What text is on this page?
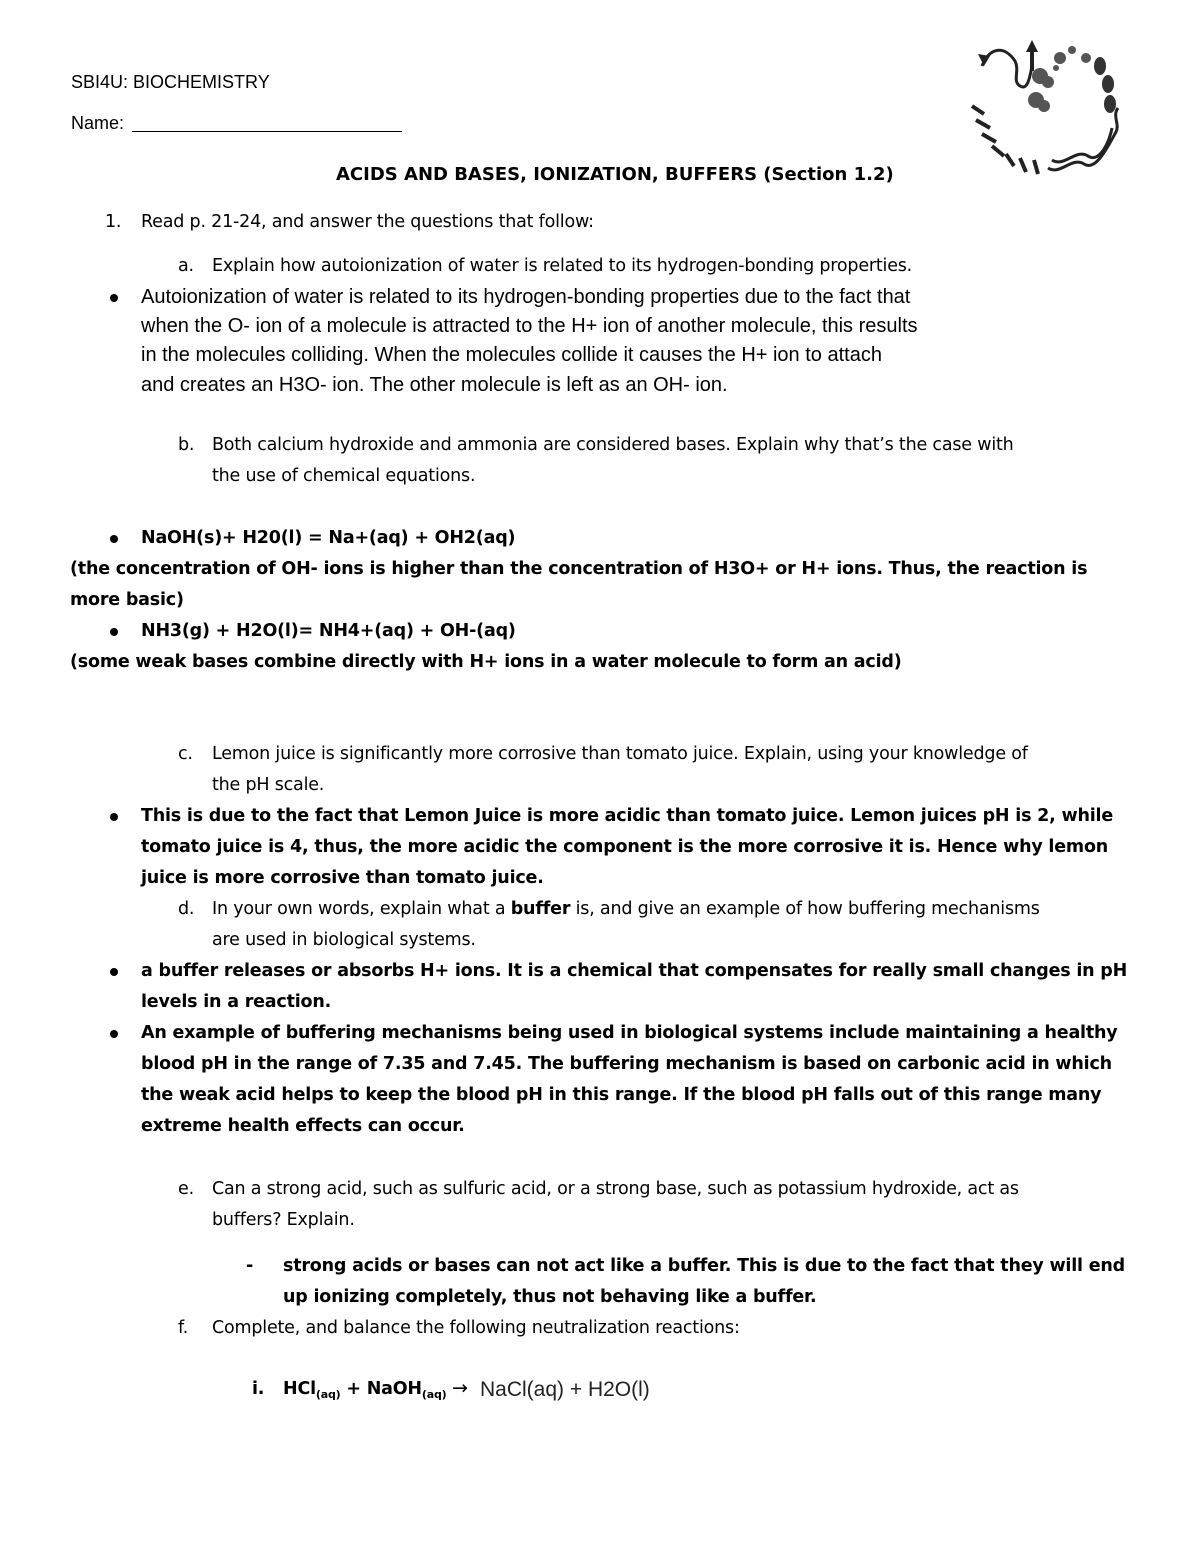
SBI4U: BIOCHEMISTRY
Name:
ACIDS AND BASES, IONIZATION, BUFFERS (Section 1.2)
1. Read p. 21-24, and answer the questions that follow:
a. Explain how autoionization of water is related to its hydrogen-bonding properties.
Autoionization of water is related to its hydrogen-bonding properties due to the fact that
when the O- ion of a molecule is attracted to the H+ ion of another molecule, this results
in the molecules colliding. When the molecules collide it causes the H+ ion to attach
and creates an H3O- ion. The other molecule is left as an OH- ion.
b. Both calcium hydroxide and ammonia are considered bases. Explain why that’s the case with
the use of chemical equations.
NaOH(s)+ H20(l) = Na+(aq) + OH2(aq)
(the concentration of OH- ions is higher than the concentration of H3O+ or H+ ions. Thus, the reaction is
more basic)
NH3(g) + H2O(l)= NH4+(aq) + OH-(aq)
(some weak bases combine directly with H+ ions in a water molecule to form an acid)
c. Lemon juice is significantly more corrosive than tomato juice. Explain, using your knowledge of
the pH scale.
This is due to the fact that Lemon Juice is more acidic than tomato juice. Lemon juices pH is 2, while
tomato juice is 4, thus, the more acidic the component is the more corrosive it is. Hence why lemon
juice is more corrosive than tomato juice.
d. In your own words, explain what a buffer is, and give an example of how buffering mechanisms
are used in biological systems.
a buffer releases or absorbs H+ ions. It is a chemical that compensates for really small changes in pH
levels in a reaction.
An example of buffering mechanisms being used in biological systems include maintaining a healthy
blood pH in the range of 7.35 and 7.45. The buffering mechanism is based on carbonic acid in which
the weak acid helps to keep the blood pH in this range. If the blood pH falls out of this range many
extreme health effects can occur.
e. Can a strong acid, such as sulfuric acid, or a strong base, such as potassium hydroxide, act as
buffers? Explain.
- strong acids or bases can not act like a buffer. This is due to the fact that they will end
up ionizing completely, thus not behaving like a buffer.
f. Complete, and balance the following neutralization reactions:
i. HCl$_{(aq)}$ + NaOH$_{(aq)}$ → NaCl(aq) + H2O(l)
